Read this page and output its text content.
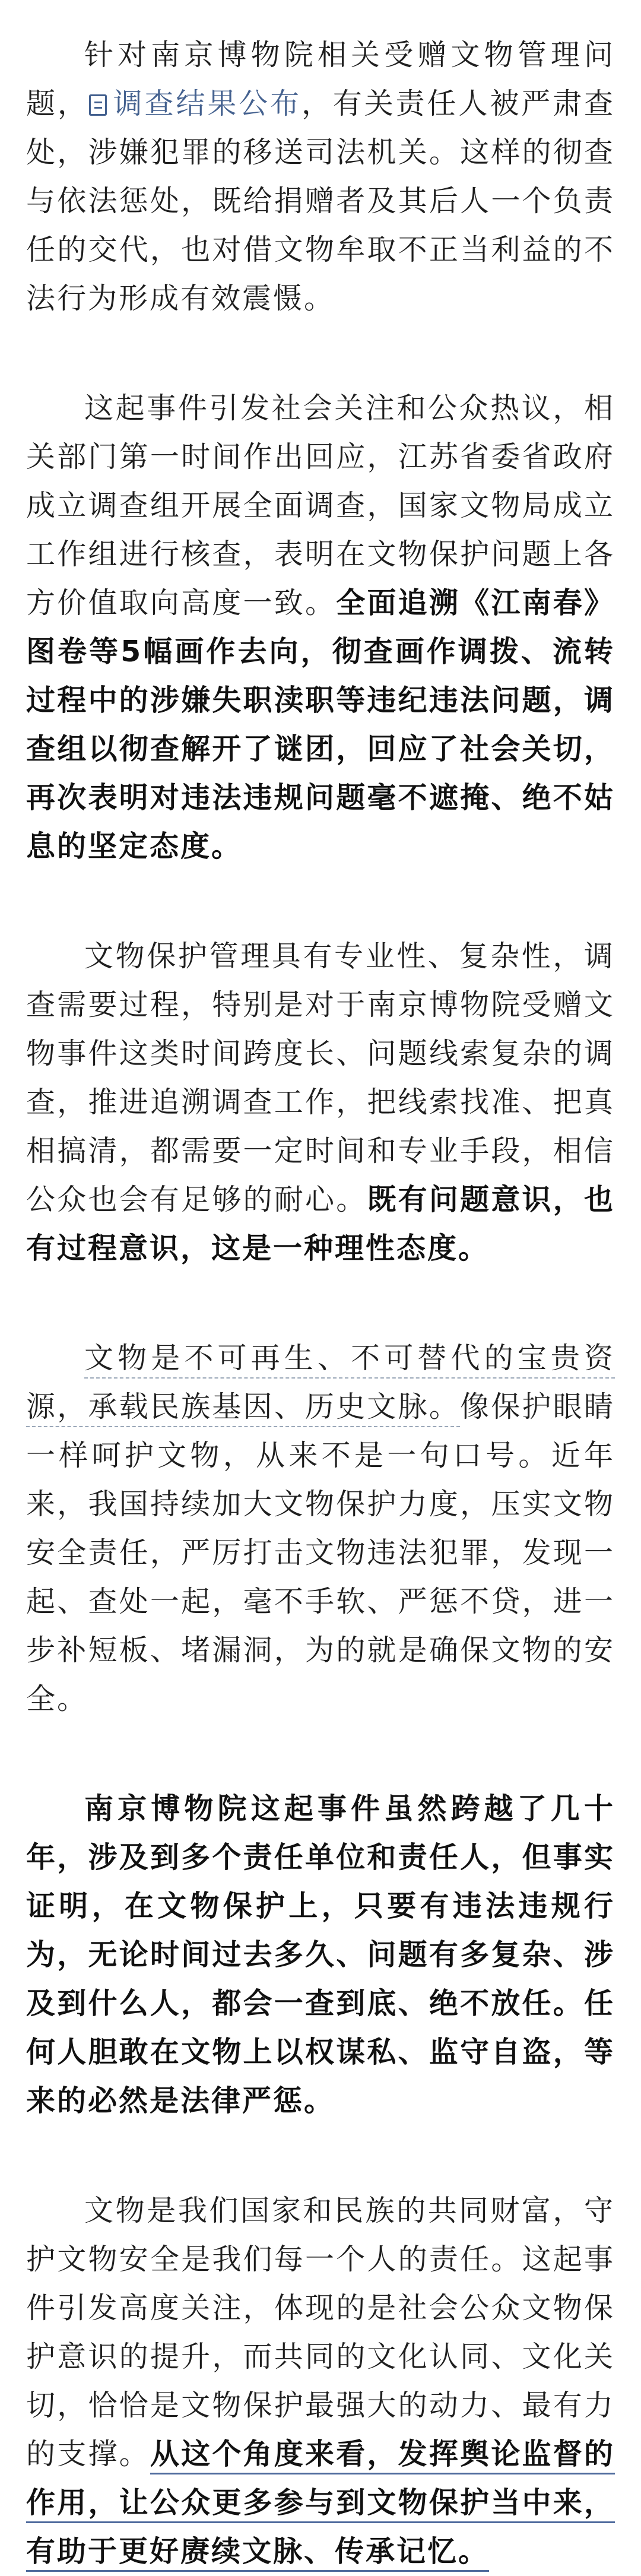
针对南京博物院相关受赠文物管理问题， 调查结果公布，有关责任人被严肃查处，涉嫌犯罪的移送司法机关。这样的彻查与依法惩处，既给捐赠者及其后人一个负责任的交代，也对借文物牟取不正当利益的不法行为形成有效震慑。

这起事件引发社会关注和公众热议，相关部门第一时间作出回应，江苏省委省政府成立调查组开展全面调查，国家文物局成立工作组进行核查，表明在文物保护问题上各方价值取向高度一致。全面追溯《江南春》图卷等5幅画作去向，彻查画作调拨、流转过程中的涉嫌失职渎职等违纪违法问题，调查组以彻查解开了谜团，回应了社会关切，再次表明对违法违规问题毫不遮掩、绝不姑息的坚定态度。

文物保护管理具有专业性、复杂性，调查需要过程，特别是对于南京博物院受赠文物事件这类时间跨度长、问题线索复杂的调查，推进追溯调查工作，把线索找准、把真相搞清，都需要一定时间和专业手段，相信公众也会有足够的耐心。既有问题意识，也有过程意识，这是一种理性态度。

文物是不可再生、不可替代的宝贵资源，承载民族基因、历史文脉。像保护眼睛一样呵护文物，从来不是一句口号。近年来，我国持续加大文物保护力度，压实文物安全责任，严厉打击文物违法犯罪，发现一起、查处一起，毫不手软、严惩不贷，进一步补短板、堵漏洞，为的就是确保文物的安全。

南京博物院这起事件虽然跨越了几十年，涉及到多个责任单位和责任人，但事实证明，在文物保护上，只要有违法违规行为，无论时间过去多久、问题有多复杂、涉及到什么人，都会一查到底、绝不放任。任何人胆敢在文物上以权谋私、监守自盗，等来的必然是法律严惩。

文物是我们国家和民族的共同财富，守护文物安全是我们每一个人的责任。这起事件引发高度关注，体现的是社会公众文物保护意识的提升，而共同的文化认同、文化关切，恰恰是文物保护最强大的动力、最有力的支撑。从这个角度来看，发挥舆论监督的作用，让公众更多参与到文物保护当中来，有助于更好赓续文脉、传承记忆。
